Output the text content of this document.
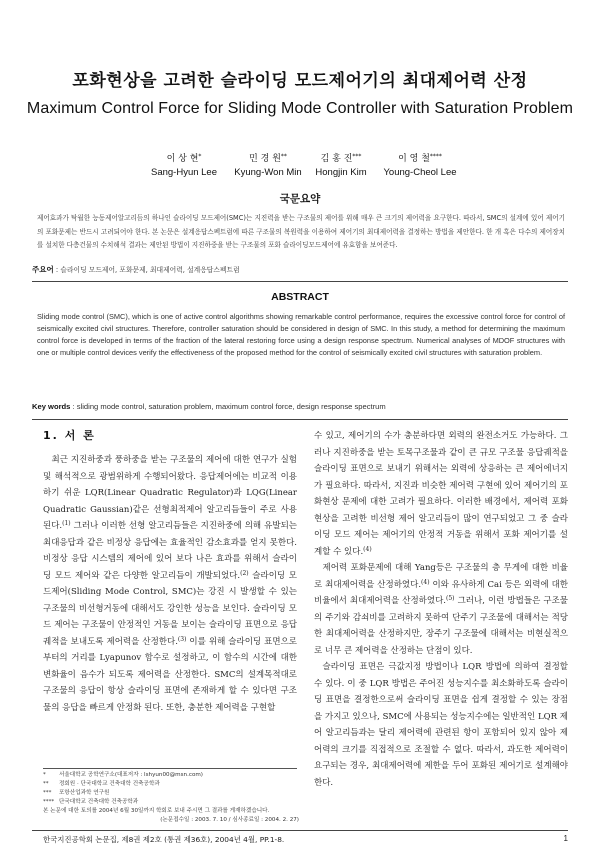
포화현상을 고려한 슬라이딩 모드제어기의 최대제어력 산정
Maximum Control Force for Sliding Mode Controller with Saturation Problem
이 상 현*
Sang-Hyun Lee
민 경 원**
Kyung-Won Min
김 홍 진***
Hongjin Kim
이 영 철****
Young-Cheol Lee
국문요약
제어효과가 탁월한 능동제어알고리듬의 하나인 슬라이딩 모드제어(SMC)는 지진력을 받는 구조물의 제어를 위해 매우 큰 크기의 제어력을 요구한다. 따라서, SMC의 설계에 있어 제어기의 포화문제는 반드시 고려되어야 한다. 본 논문은 설계응답스펙트럼에 따른 구조물의 복원력을 이용하여 제어기의 최대제어력을 결정하는 방법을 제안한다. 한 개 혹은 다수의 제어장치를 설치한 다층건물의 수치해석 결과는 제안된 방법이 지진하중을 받는 구조물의 포화 슬라이딩모드제어에 유효함을 보여준다.
주요어 : 슬라이딩 모드제어, 포화문제, 최대제어력, 설계응답스펙트럼
ABSTRACT
Sliding mode control (SMC), which is one of active control algorithms showing remarkable control performance, requires the excessive control force for control of seismically excited civil structures. Therefore, controller saturation should be considered in design of SMC. In this study, a method for determining the maximum control force is developed in terms of the fraction of the lateral restoring force using a design response spectrum. Numerical analyses of MDOF structures with one or multiple control devices verify the effectiveness of the proposed method for the control of seismically excited civil structures with saturation problem.
Key words : sliding mode control, saturation problem, maximum control force, design response spectrum
1. 서 론

최근 지진하중과 풍하중을 받는 구조물의 제어에 대한 연구가 실험 및 해석적으로 광범위하게 수행되어왔다. 응답제어에는 비교적 이용하기 쉬운 LQR(Linear Quadratic Regulator)과 LQG(Linear Quadratic Gaussian)같은 선형최적제어 알고리듬들이 주로 사용된다.$^{(1)}$ 그러나 이러한 선형 알고리듬들은 지진하중에 의해 유발되는 최대응답과 같은 비정상 응답에는 효율적인 감소효과를 얻지 못한다. 비정상 응답 시스템의 제어에 있어 보다 나은 효과를 위해서 슬라이딩 모드 제어와 같은 다양한 알고리듬이 개발되었다.$^{(2)}$ 슬라이딩 모드제어(Sliding Mode Control, SMC)는 강진 시 발생할 수 있는 구조물의 비선형거동에 대해서도 강인한 성능을 보인다. 슬라이딩 모드 제어는 구조물이 안정적인 거동을 보이는 슬라이딩 표면으로 응답궤적을 보내도록 제어력을 산정한다.$^{(3)}$ 이를 위해 슬라이딩 표면으로부터의 거리를 Lyapunov 함수로 설정하고, 이 함수의 시간에 대한 변화율이 음수가 되도록 제어력을 산정한다. SMC의 설계목적대로 구조물의 응답이 항상 슬라이딩 표면에 존재하게 할 수 있다면 구조물의 응답을 빠르게 안정화 된다. 또한, 충분한 제어력을 구현할

수 있고, 제어기의 수가 충분하다면 외력의 완전소거도 가능하다. 그러나 지진하중을 받는 토목구조물과 같이 큰 규모 구조물 응답궤적을 슬라이딩 표면으로 보내기 위해서는 외력에 상응하는 큰 제어에너지가 필요하다. 따라서, 지진과 비슷한 제어력 구현에 있어 제어기의 포화현상 문제에 대한 고려가 필요하다. 이러한 배경에서, 제어력 포화현상을 고려한 비선형 제어 알고리듬이 많이 연구되었고 그 중 슬라이딩 모드 제어는 제어기의 안정적 거동을 위해서 포화 제어기를 설계할 수 있다.$^{(4)}$

제어력 포화문제에 대해 Yang등은 구조물의 층 무게에 대한 비율로 최대제어력을 산정하였다.$^{(4)}$ 이와 유사하게 Cai 등은 외력에 대한 비율에서 최대제어력을 산정하였다.$^{(5)}$ 그러나, 이런 방법들은 구조물의 주기와 감쇠비를 고려하지 못하여 단주기 구조물에 대해서는 적당한 최대제어력을 산정하지만, 장주기 구조물에 대해서는 비현실적으로 너무 큰 제어력을 산정하는 단점이 있다.

슬라이딩 표면은 극값지정 방법이나 LQR 방법에 의하여 결정할 수 있다. 이 중 LQR 방법은 주어진 성능지수를 최소화하도록 슬라이딩 표면을 결정한으로써 슬라이딩 표면을 쉽게 결정할 수 있는 장점을 가지고 있으나, SMC에 사용되는 성능지수에는 일반적인 LQR 제어 알고리듬과는 달리 제어력에 관련된 항이 포함되어 있지 않아 제어력의 크기를 직접적으로 조절할 수 없다. 따라서, 과도한 제어력이 요구되는 경우, 최대제어력에 제한을 두어 포화된 제어기로 설계해야 한다.

* 서울대학교 공학연구소(대표저자 : lshyun00@msn.com)
** 정회원 · 단국대학교 건축대학 건축공학과
*** 포항산업과학 연구원
**** 단국대학교 건축대학 건축공학과
본 논문에 대한 토의를 2004년 6월 30일까지 학회로 보내 주시면 그 결과를 게재하겠습니다.
(논문접수일 : 2003. 7. 10 / 심사종료일 : 2004. 2. 27)
한국지진공학회 논문집, 제8권 제2호 (통권 제36호), 2004년 4월, PP.1-8.	1
